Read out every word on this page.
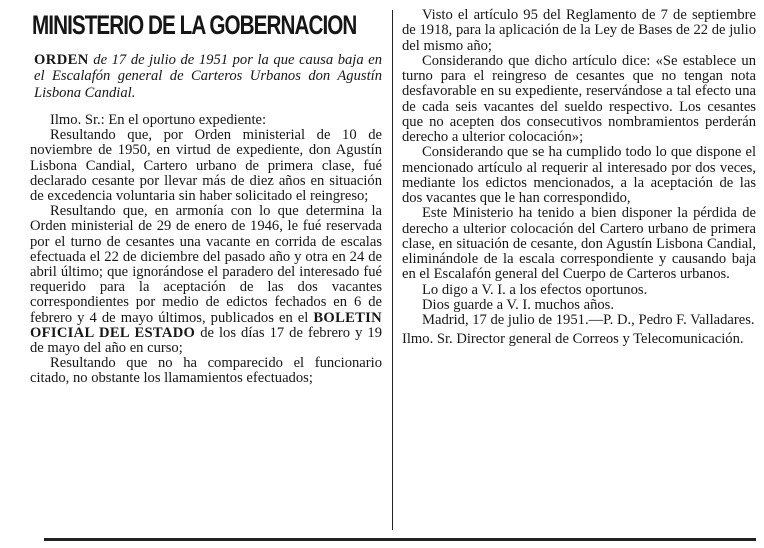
MINISTERIO DE LA GOBERNACION

ORDEN de 17 de julio de 1951 por la que causa baja en el Escalafón general de Carteros Urbanos don Agustín Lisbona Candial.

Ilmo. Sr.: En el oportuno expediente:

Resultando que, por Orden ministerial de 10 de noviembre de 1950, en virtud de expediente, don Agustín Lisbona Candial, Cartero urbano de primera clase, fué declarado cesante por llevar más de diez años en situación de excedencia voluntaria sin haber solicitado el reingreso;

Resultando que, en armonía con lo que determina la Orden ministerial de 29 de enero de 1946, le fué reservada por el turno de cesantes una vacante en corrida de escalas efectuada el 22 de diciembre del pasado año y otra en 24 de abril último; que ignorándose el paradero del interesado fué requerido para la aceptación de las dos vacantes correspondientes por medio de edictos fechados en 6 de febrero y 4 de mayo últimos, publicados en el BOLETIN OFICIAL DEL ESTADO de los días 17 de febrero y 19 de mayo del año en curso;

Resultando que no ha comparecido el funcionario citado, no obstante los llamamientos efectuados;

Visto el artículo 95 del Reglamento de 7 de septiembre de 1918, para la aplicación de la Ley de Bases de 22 de julio del mismo año;

Considerando que dicho artículo dice: «Se establece un turno para el reingreso de cesantes que no tengan nota desfavorable en su expediente, reservándose a tal efecto una de cada seis vacantes del sueldo respectivo. Los cesantes que no acepten dos consecutivos nombramientos perderán derecho a ulterior colocación»;

Considerando que se ha cumplido todo lo que dispone el mencionado artículo al requerir al interesado por dos veces, mediante los edictos mencionados, a la aceptación de las dos vacantes que le han correspondido,

Este Ministerio ha tenido a bien disponer la pérdida de derecho a ulterior colocación del Cartero urbano de primera clase, en situación de cesante, don Agustín Lisbona Candial, eliminándole de la escala correspondiente y causando baja en el Escalafón general del Cuerpo de Carteros urbanos.

Lo digo a V. I. a los efectos oportunos.

Dios guarde a V. I. muchos años.

Madrid, 17 de julio de 1951.—P. D., Pedro F. Valladares.

Ilmo. Sr. Director general de Correos y Telecomunicación.
